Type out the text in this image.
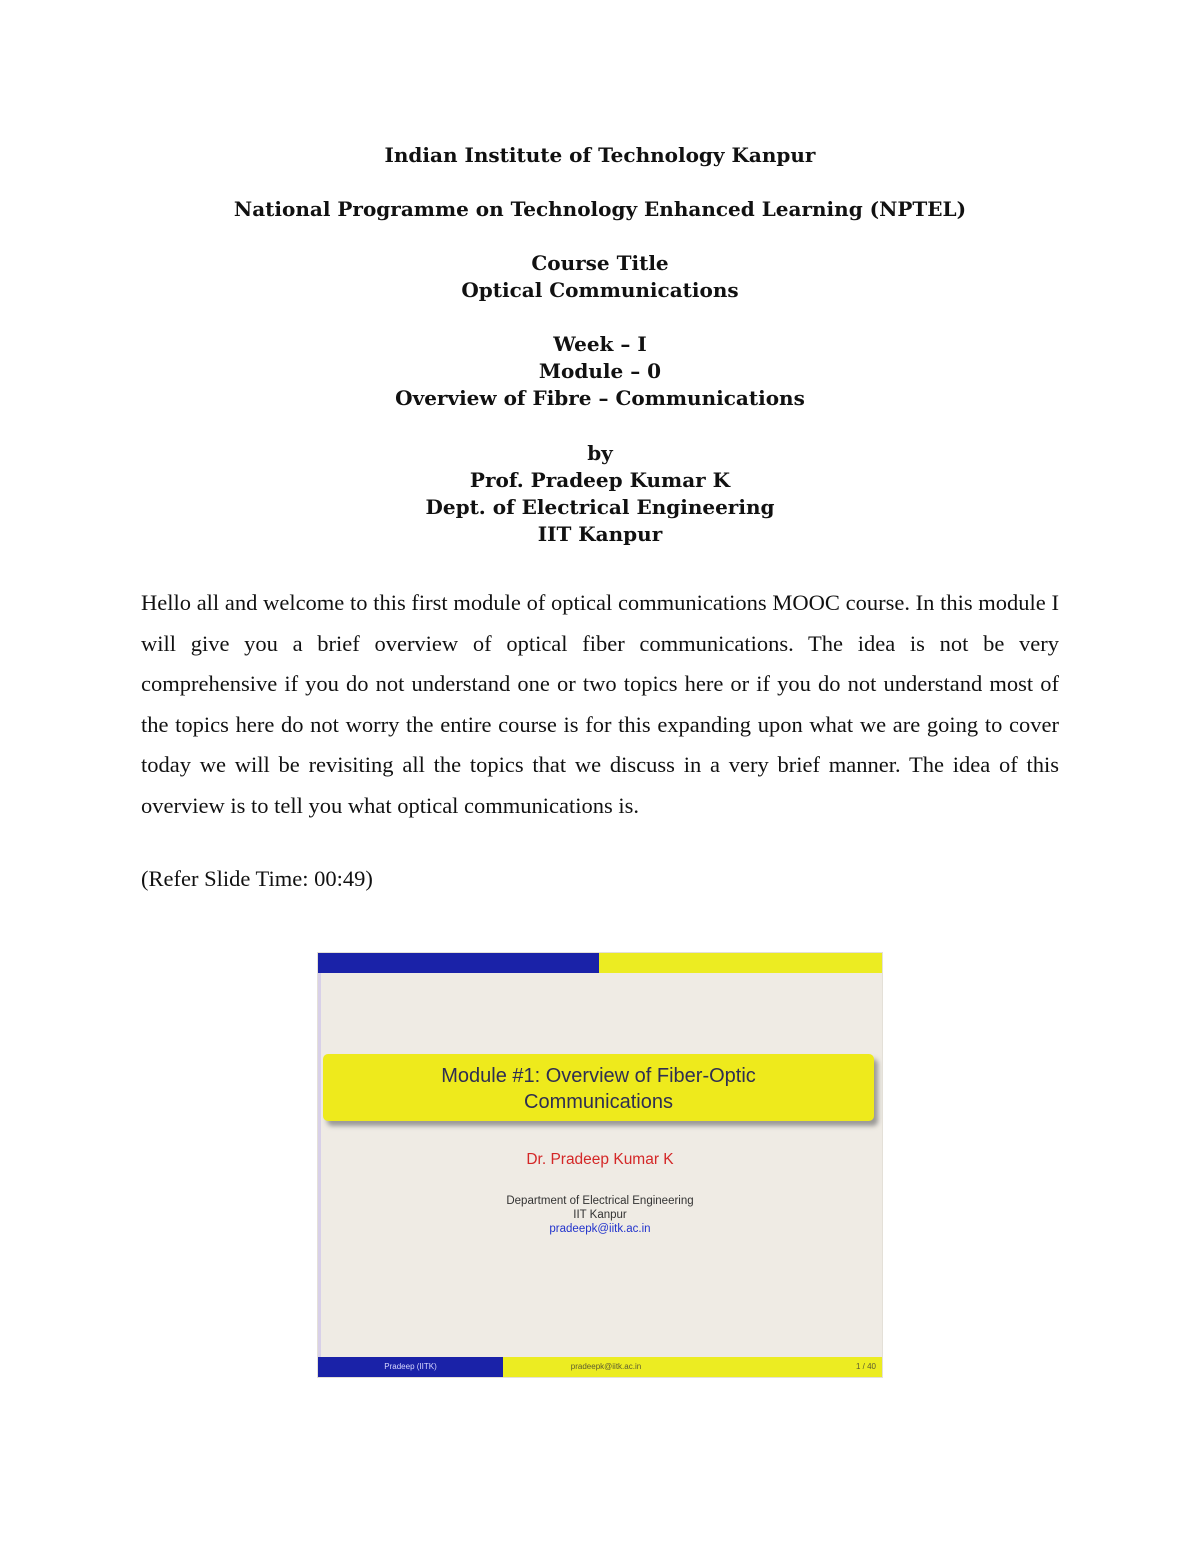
Indian Institute of Technology Kanpur
National Programme on Technology Enhanced Learning (NPTEL)
Course Title
Optical Communications
Week – I
Module – 0
Overview of Fibre – Communications
by
Prof. Pradeep Kumar K
Dept. of Electrical Engineering
IIT Kanpur
Hello all and welcome to this first module of optical communications MOOC course. In this module I will give you a brief overview of optical fiber communications. The idea is not be very comprehensive if you do not understand one or two topics here or if you do not understand most of the topics here do not worry the entire course is for this expanding upon what we are going to cover today we will be revisiting all the topics that we discuss in a very brief manner. The idea of this overview is to tell you what optical communications is.
(Refer Slide Time: 00:49)
Module #1: Overview of Fiber-Optic
Communications
Dr. Pradeep Kumar K
Department of Electrical Engineering
IIT Kanpur
pradeepk@iitk.ac.in
Pradeep (IITK)	pradeepk@iitk.ac.in	1 / 40
